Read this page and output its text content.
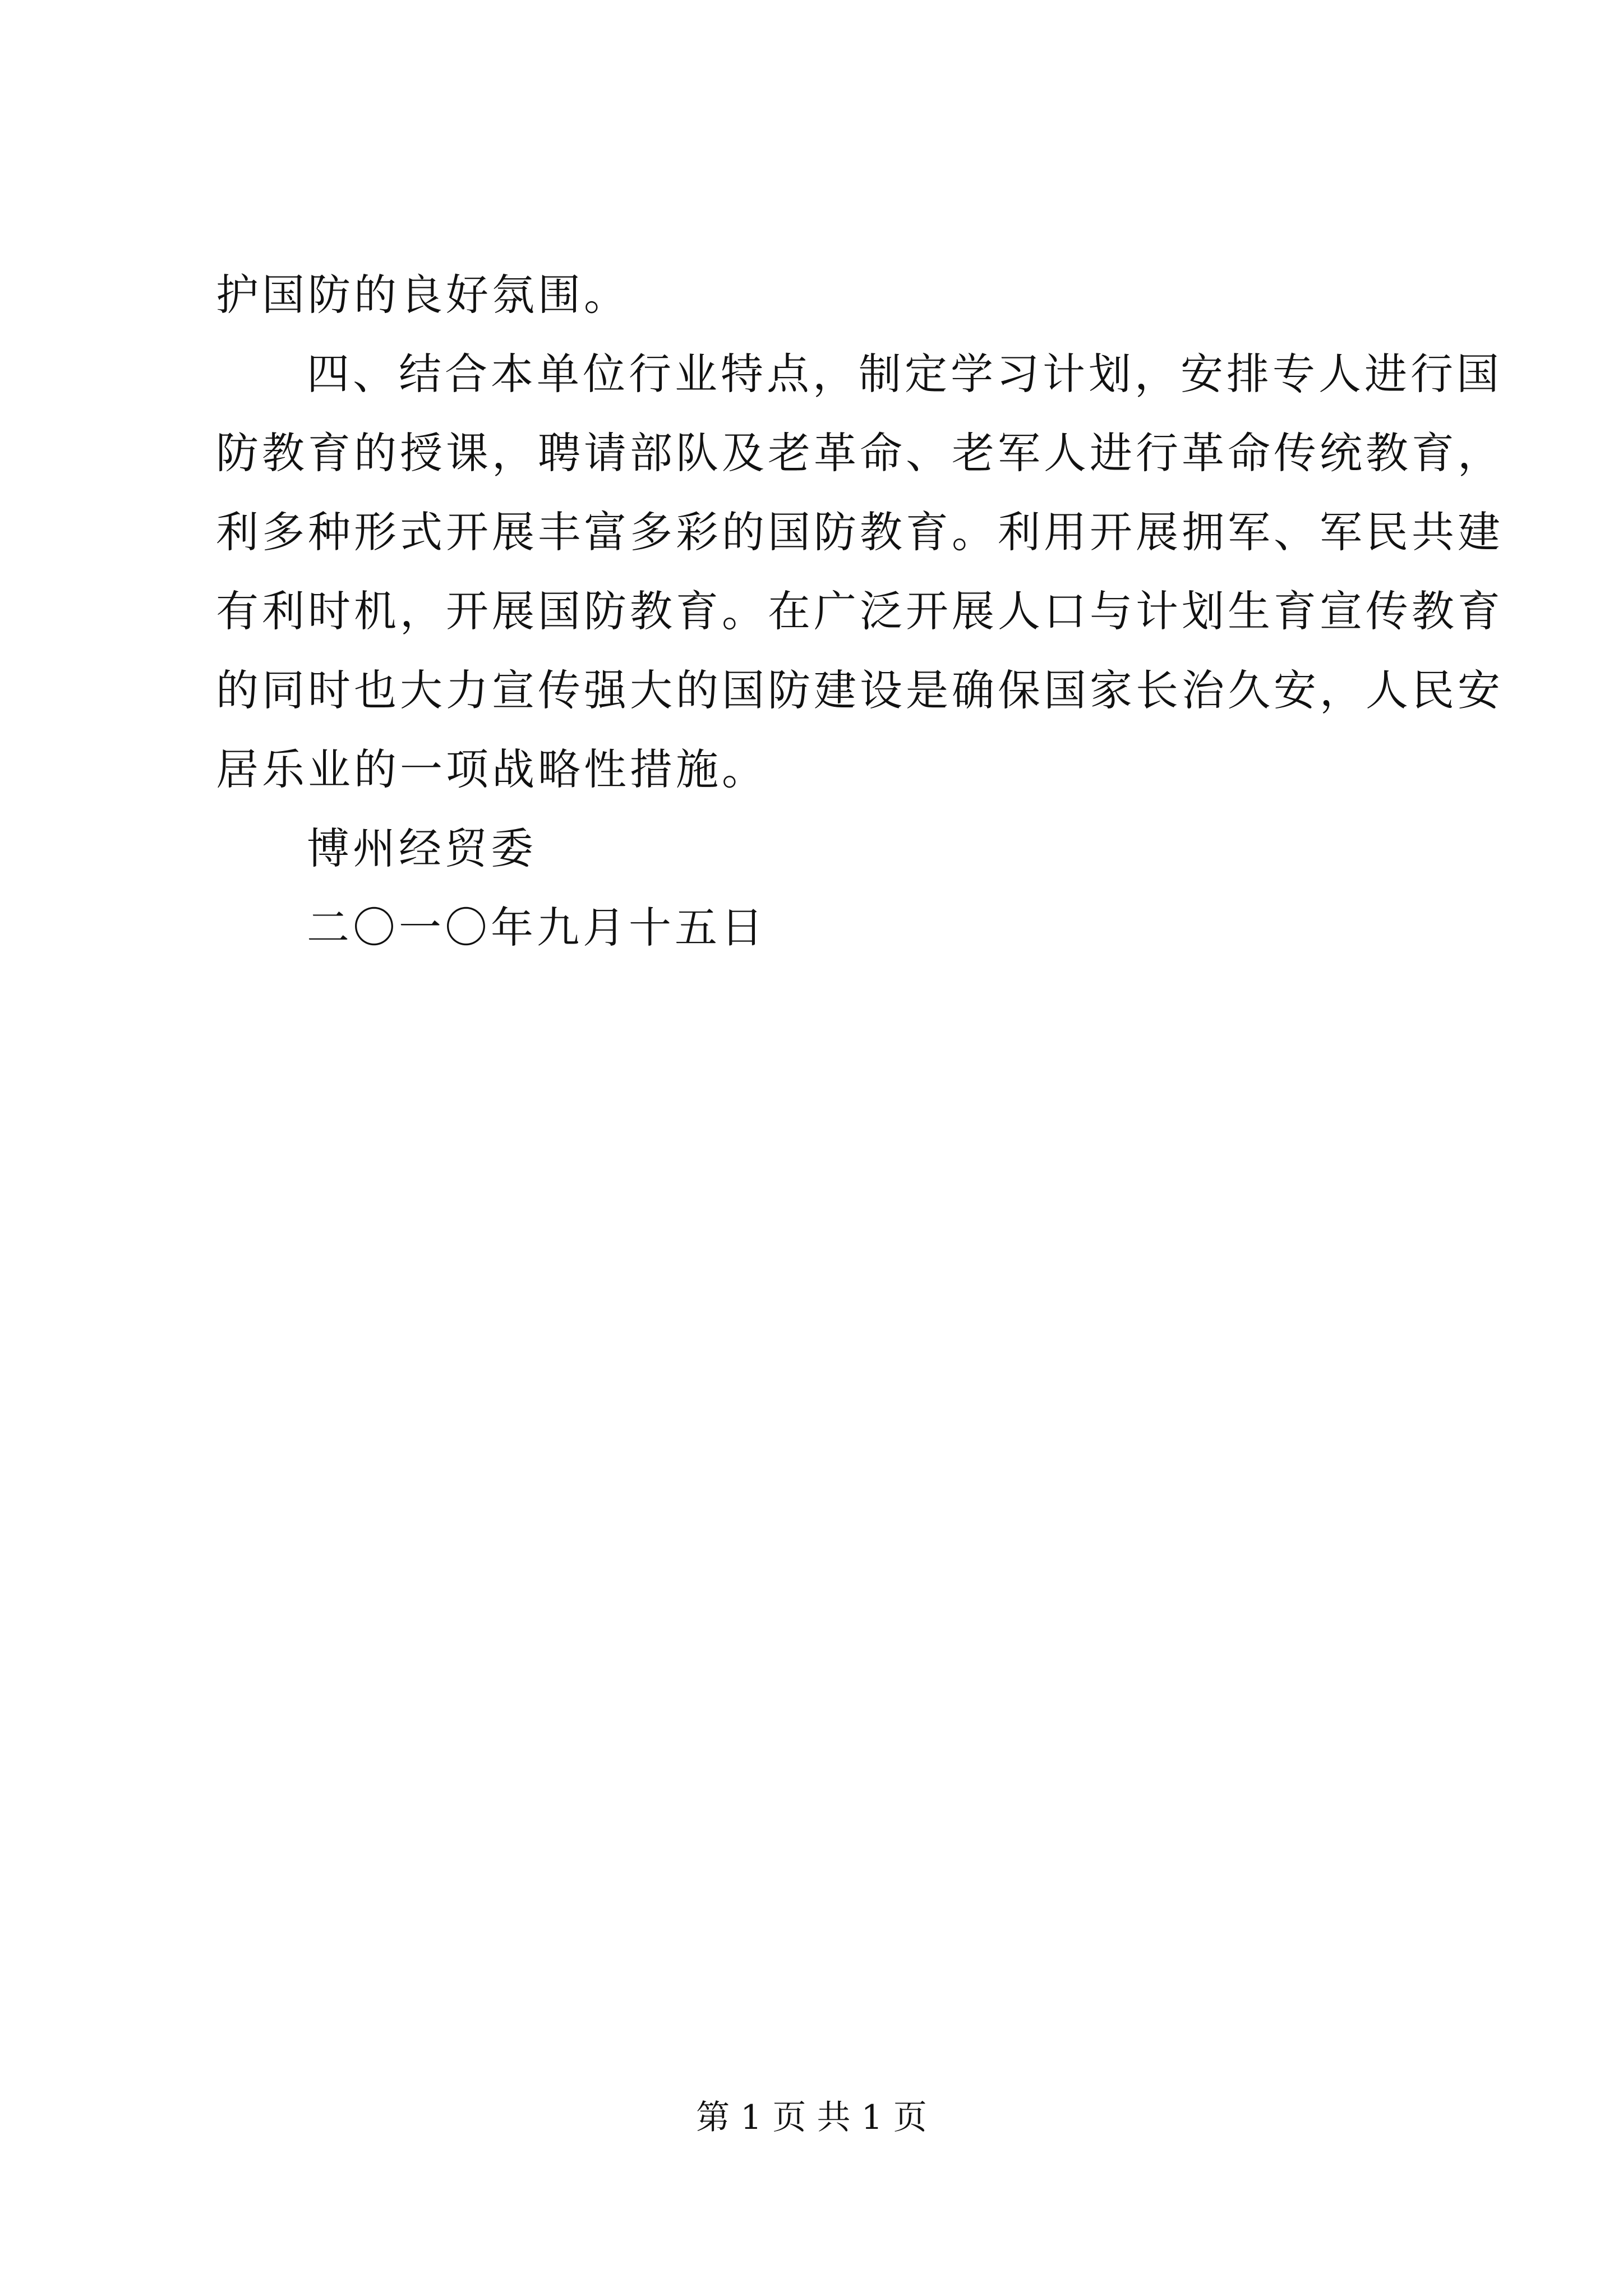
护国防的良好氛围。
四、结合本单位行业特点，制定学习计划，安排专人进行国
防教育的授课，聘请部队及老革命、老军人进行革命传统教育，
利多种形式开展丰富多彩的国防教育。利用开展拥军、军民共建
有利时机，开展国防教育。在广泛开展人口与计划生育宣传教育
的同时也大力宣传强大的国防建设是确保国家长治久安，人民安
居乐业的一项战略性措施。
博州经贸委
二〇一〇年九月十五日
第 1 页 共 1 页
